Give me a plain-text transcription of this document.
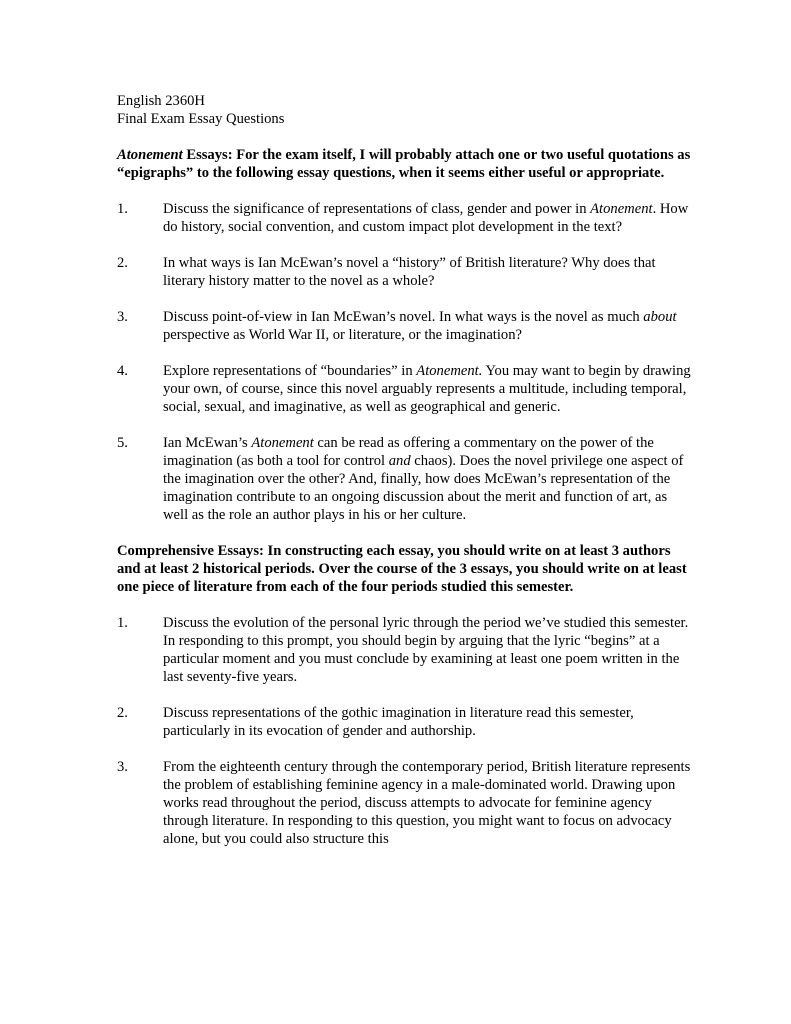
English 2360H
Final Exam Essay Questions
Atonement Essays: For the exam itself, I will probably attach one or two useful quotations as “epigraphs” to the following essay questions, when it seems either useful or appropriate.
1. Discuss the significance of representations of class, gender and power in Atonement. How do history, social convention, and custom impact plot development in the text?
2. In what ways is Ian McEwan’s novel a “history” of British literature? Why does that literary history matter to the novel as a whole?
3. Discuss point-of-view in Ian McEwan’s novel. In what ways is the novel as much about perspective as World War II, or literature, or the imagination?
4. Explore representations of “boundaries” in Atonement. You may want to begin by drawing your own, of course, since this novel arguably represents a multitude, including temporal, social, sexual, and imaginative, as well as geographical and generic.
5. Ian McEwan’s Atonement can be read as offering a commentary on the power of the imagination (as both a tool for control and chaos). Does the novel privilege one aspect of the imagination over the other? And, finally, how does McEwan’s representation of the imagination contribute to an ongoing discussion about the merit and function of art, as well as the role an author plays in his or her culture.
Comprehensive Essays: In constructing each essay, you should write on at least 3 authors and at least 2 historical periods. Over the course of the 3 essays, you should write on at least one piece of literature from each of the four periods studied this semester.
1. Discuss the evolution of the personal lyric through the period we’ve studied this semester. In responding to this prompt, you should begin by arguing that the lyric “begins” at a particular moment and you must conclude by examining at least one poem written in the last seventy-five years.
2. Discuss representations of the gothic imagination in literature read this semester, particularly in its evocation of gender and authorship.
3. From the eighteenth century through the contemporary period, British literature represents the problem of establishing feminine agency in a male-dominated world. Drawing upon works read throughout the period, discuss attempts to advocate for feminine agency through literature. In responding to this question, you might want to focus on advocacy alone, but you could also structure this
